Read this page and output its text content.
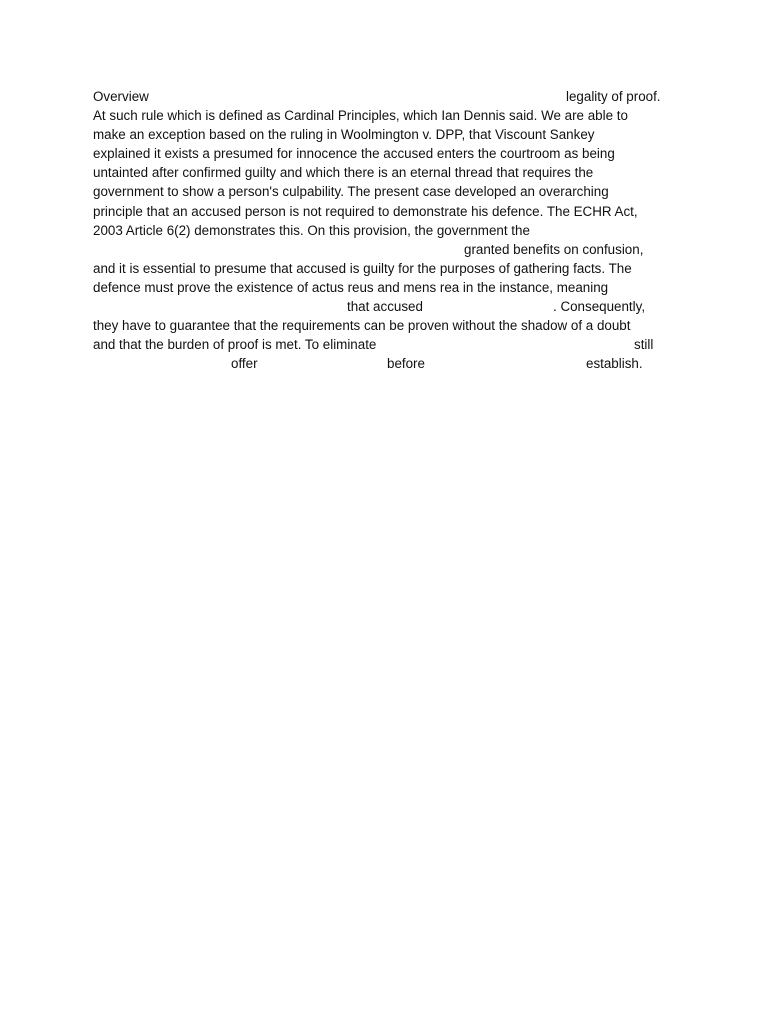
Overview	legality of proof.
At such rule which is defined as Cardinal Principles, which Ian Dennis said. We are able to
make an exception based on the ruling in Woolmington v. DPP, that Viscount Sankey
explained it exists a presumed for innocence the accused enters the courtroom as being
untainted after confirmed guilty and which there is an eternal thread that requires the
government to show a person's culpability. The present case developed an overarching
principle that an accused person is not required to demonstrate his defence. The ECHR Act,
2003 Article 6(2) demonstrates this. On this provision, the government the
granted benefits on confusion,
and it is essential to presume that accused is guilty for the purposes of gathering facts. The
defence must prove the existence of actus reus and mens rea in the instance, meaning
that accused	. Consequently,
they have to guarantee that the requirements can be proven without the shadow of a doubt
and that the burden of proof is met. To eliminate	still
offer	before	establish.
